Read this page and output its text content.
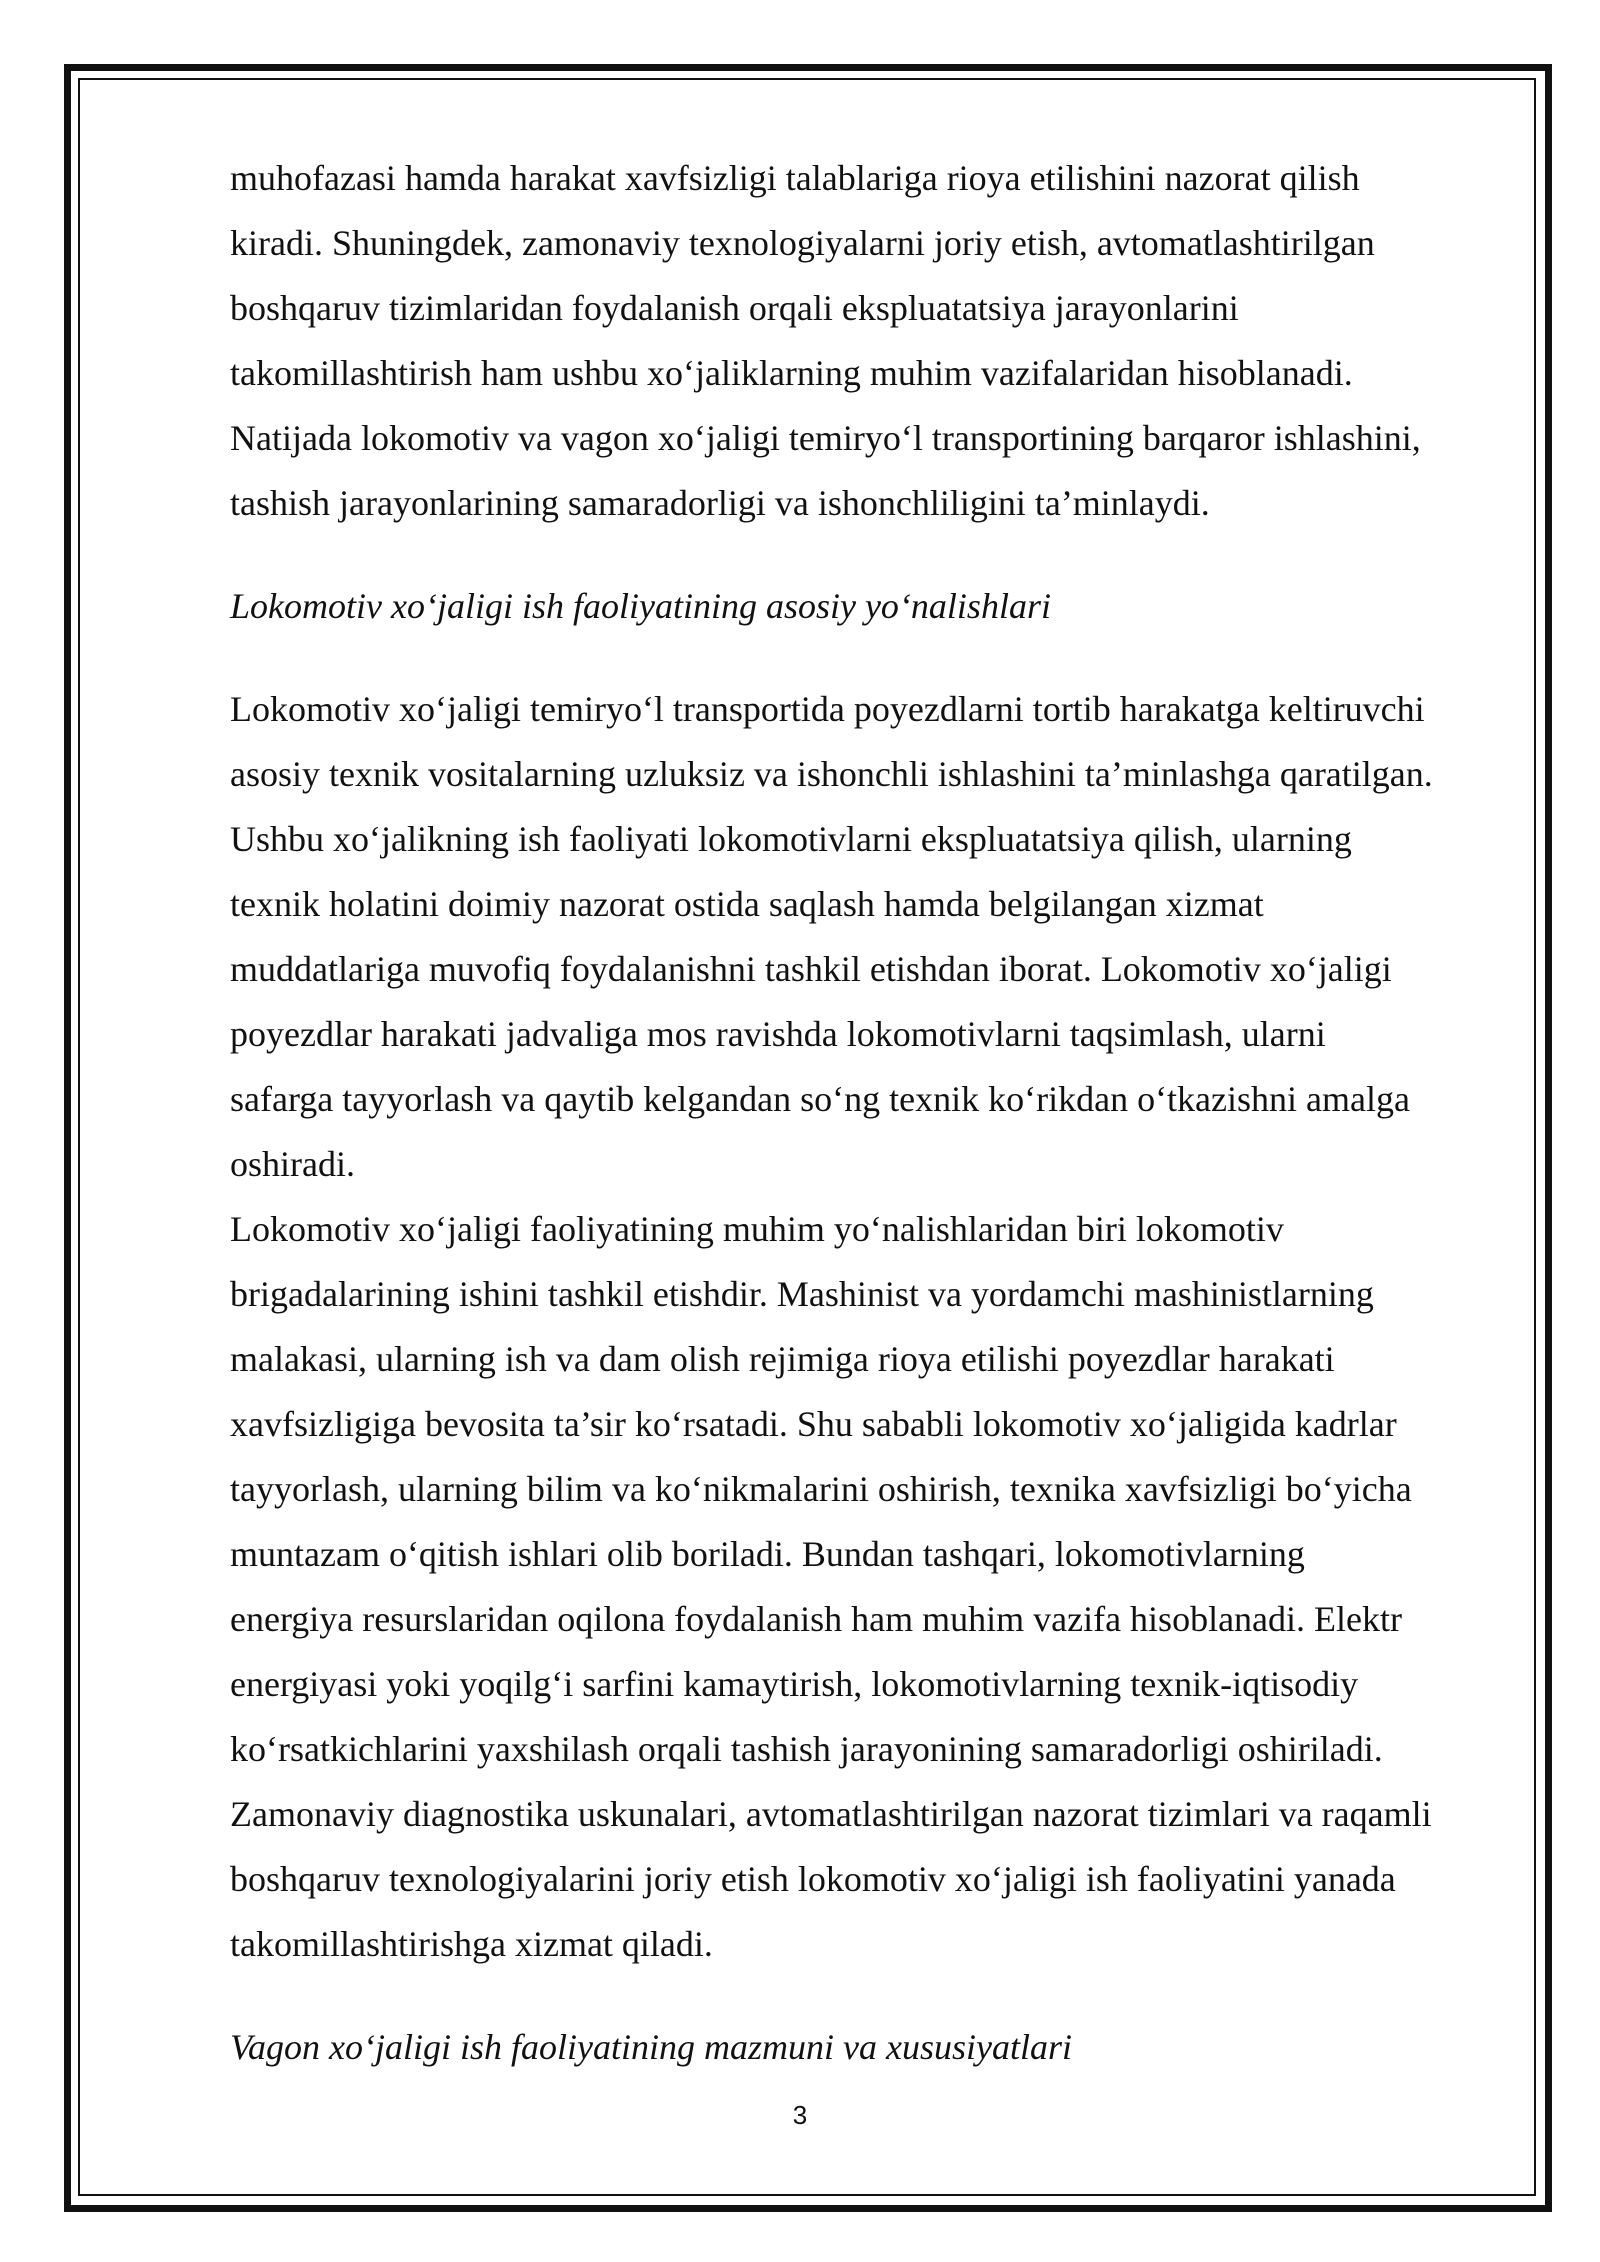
muhofazasi hamda harakat xavfsizligi talablariga rioya etilishini nazorat qilish
kiradi. Shuningdek, zamonaviy texnologiyalarni joriy etish, avtomatlashtirilgan
boshqaruv tizimlaridan foydalanish orqali ekspluatatsiya jarayonlarini
takomillashtirish ham ushbu xo‘jaliklarning muhim vazifalaridan hisoblanadi.
Natijada lokomotiv va vagon xo‘jaligi temiryo‘l transportining barqaror ishlashini,
tashish jarayonlarining samaradorligi va ishonchliligini ta’minlaydi.

Lokomotiv xo‘jaligi ish faoliyatining asosiy yo‘nalishlari

Lokomotiv xo‘jaligi temiryo‘l transportida poyezdlarni tortib harakatga keltiruvchi
asosiy texnik vositalarning uzluksiz va ishonchli ishlashini ta’minlashga qaratilgan.
Ushbu xo‘jalikning ish faoliyati lokomotivlarni ekspluatatsiya qilish, ularning
texnik holatini doimiy nazorat ostida saqlash hamda belgilangan xizmat
muddatlariga muvofiq foydalanishni tashkil etishdan iborat. Lokomotiv xo‘jaligi
poyezdlar harakati jadvaliga mos ravishda lokomotivlarni taqsimlash, ularni
safarga tayyorlash va qaytib kelgandan so‘ng texnik ko‘rikdan o‘tkazishni amalga
oshiradi.

Lokomotiv xo‘jaligi faoliyatining muhim yo‘nalishlaridan biri lokomotiv
brigadalarining ishini tashkil etishdir. Mashinist va yordamchi mashinistlarning
malakasi, ularning ish va dam olish rejimiga rioya etilishi poyezdlar harakati
xavfsizligiga bevosita ta’sir ko‘rsatadi. Shu sababli lokomotiv xo‘jaligida kadrlar
tayyorlash, ularning bilim va ko‘nikmalarini oshirish, texnika xavfsizligi bo‘yicha
muntazam o‘qitish ishlari olib boriladi. Bundan tashqari, lokomotivlarning
energiya resurslaridan oqilona foydalanish ham muhim vazifa hisoblanadi. Elektr
energiyasi yoki yoqilg‘i sarfini kamaytirish, lokomotivlarning texnik-iqtisodiy
ko‘rsatkichlarini yaxshilash orqali tashish jarayonining samaradorligi oshiriladi.
Zamonaviy diagnostika uskunalari, avtomatlashtirilgan nazorat tizimlari va raqamli
boshqaruv texnologiyalarini joriy etish lokomotiv xo‘jaligi ish faoliyatini yanada
takomillashtirishga xizmat qiladi.

Vagon xo‘jaligi ish faoliyatining mazmuni va xususiyatlari

3
